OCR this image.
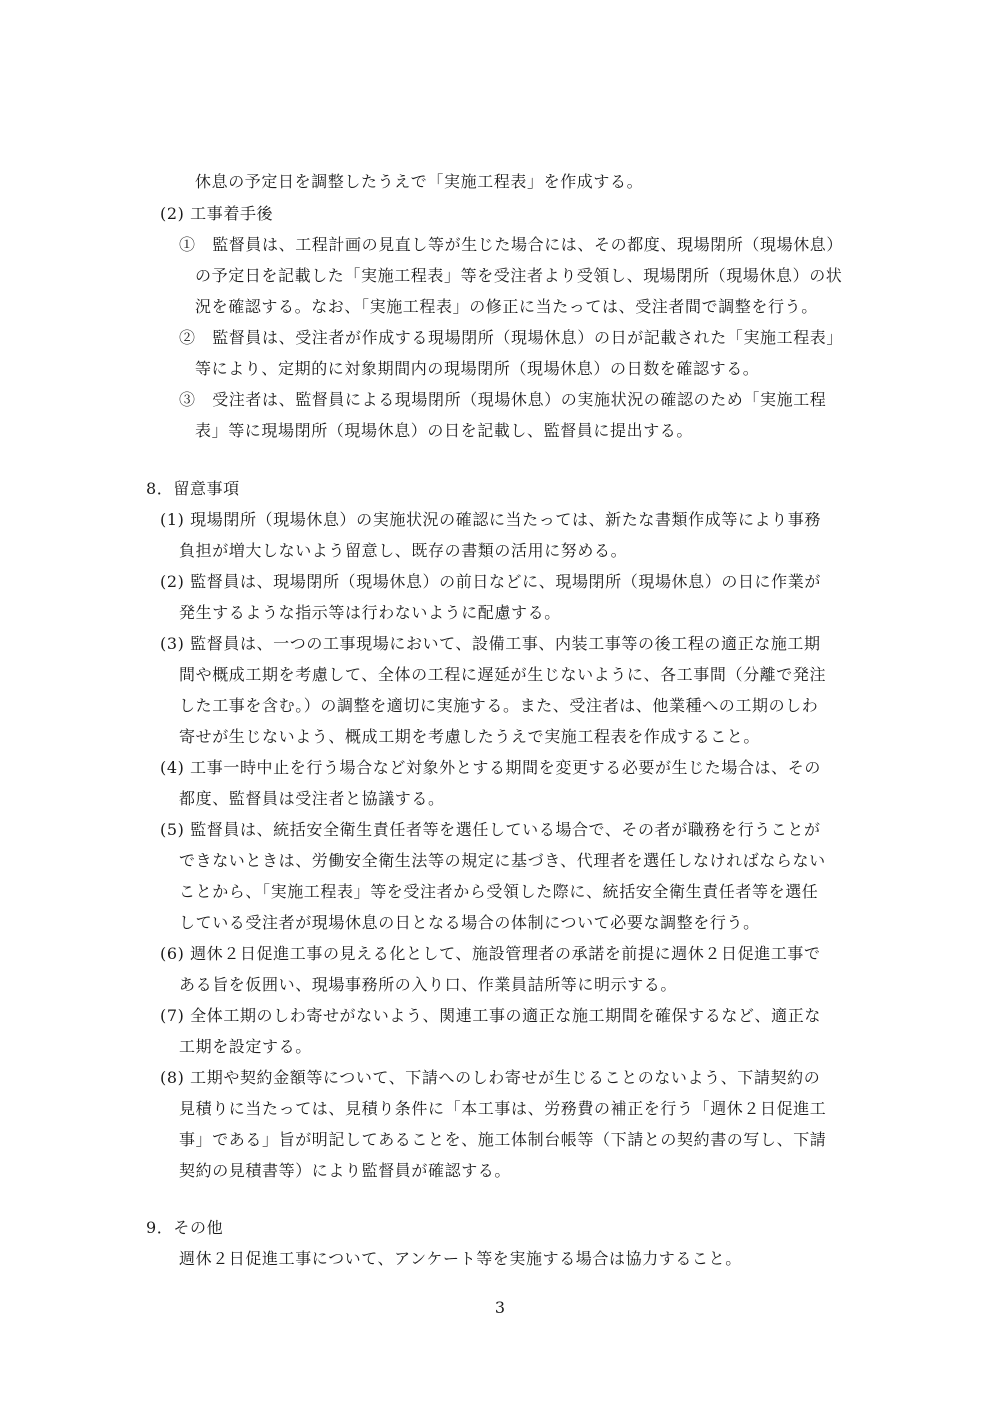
休息の予定日を調整したうえで「実施工程表」を作成する。
(2) 工事着手後
①　監督員は、工程計画の見直し等が生じた場合には、その都度、現場閉所（現場休息）
の予定日を記載した「実施工程表」等を受注者より受領し、現場閉所（現場休息）の状
況を確認する。なお、「実施工程表」の修正に当たっては、受注者間で調整を行う。
②　監督員は、受注者が作成する現場閉所（現場休息）の日が記載された「実施工程表」
等により、定期的に対象期間内の現場閉所（現場休息）の日数を確認する。
③　受注者は、監督員による現場閉所（現場休息）の実施状況の確認のため「実施工程
表」等に現場閉所（現場休息）の日を記載し、監督員に提出する。
8．留意事項
(1) 現場閉所（現場休息）の実施状況の確認に当たっては、新たな書類作成等により事務
負担が増大しないよう留意し、既存の書類の活用に努める。
(2) 監督員は、現場閉所（現場休息）の前日などに、現場閉所（現場休息）の日に作業が
発生するような指示等は行わないように配慮する。
(3) 監督員は、一つの工事現場において、設備工事、内装工事等の後工程の適正な施工期
間や概成工期を考慮して、全体の工程に遅延が生じないように、各工事間（分離で発注
した工事を含む。）の調整を適切に実施する。また、受注者は、他業種への工期のしわ
寄せが生じないよう、概成工期を考慮したうえで実施工程表を作成すること。
(4) 工事一時中止を行う場合など対象外とする期間を変更する必要が生じた場合は、その
都度、監督員は受注者と協議する。
(5) 監督員は、統括安全衛生責任者等を選任している場合で、その者が職務を行うことが
できないときは、労働安全衛生法等の規定に基づき、代理者を選任しなければならない
ことから、「実施工程表」等を受注者から受領した際に、統括安全衛生責任者等を選任
している受注者が現場休息の日となる場合の体制について必要な調整を行う。
(6) 週休２日促進工事の見える化として、施設管理者の承諾を前提に週休２日促進工事で
ある旨を仮囲い、現場事務所の入り口、作業員詰所等に明示する。
(7) 全体工期のしわ寄せがないよう、関連工事の適正な施工期間を確保するなど、適正な
工期を設定する。
(8) 工期や契約金額等について、下請へのしわ寄せが生じることのないよう、下請契約の
見積りに当たっては、見積り条件に「本工事は、労務費の補正を行う「週休２日促進工
事」である」旨が明記してあることを、施工体制台帳等（下請との契約書の写し、下請
契約の見積書等）により監督員が確認する。
9．その他
週休２日促進工事について、アンケート等を実施する場合は協力すること。
3
